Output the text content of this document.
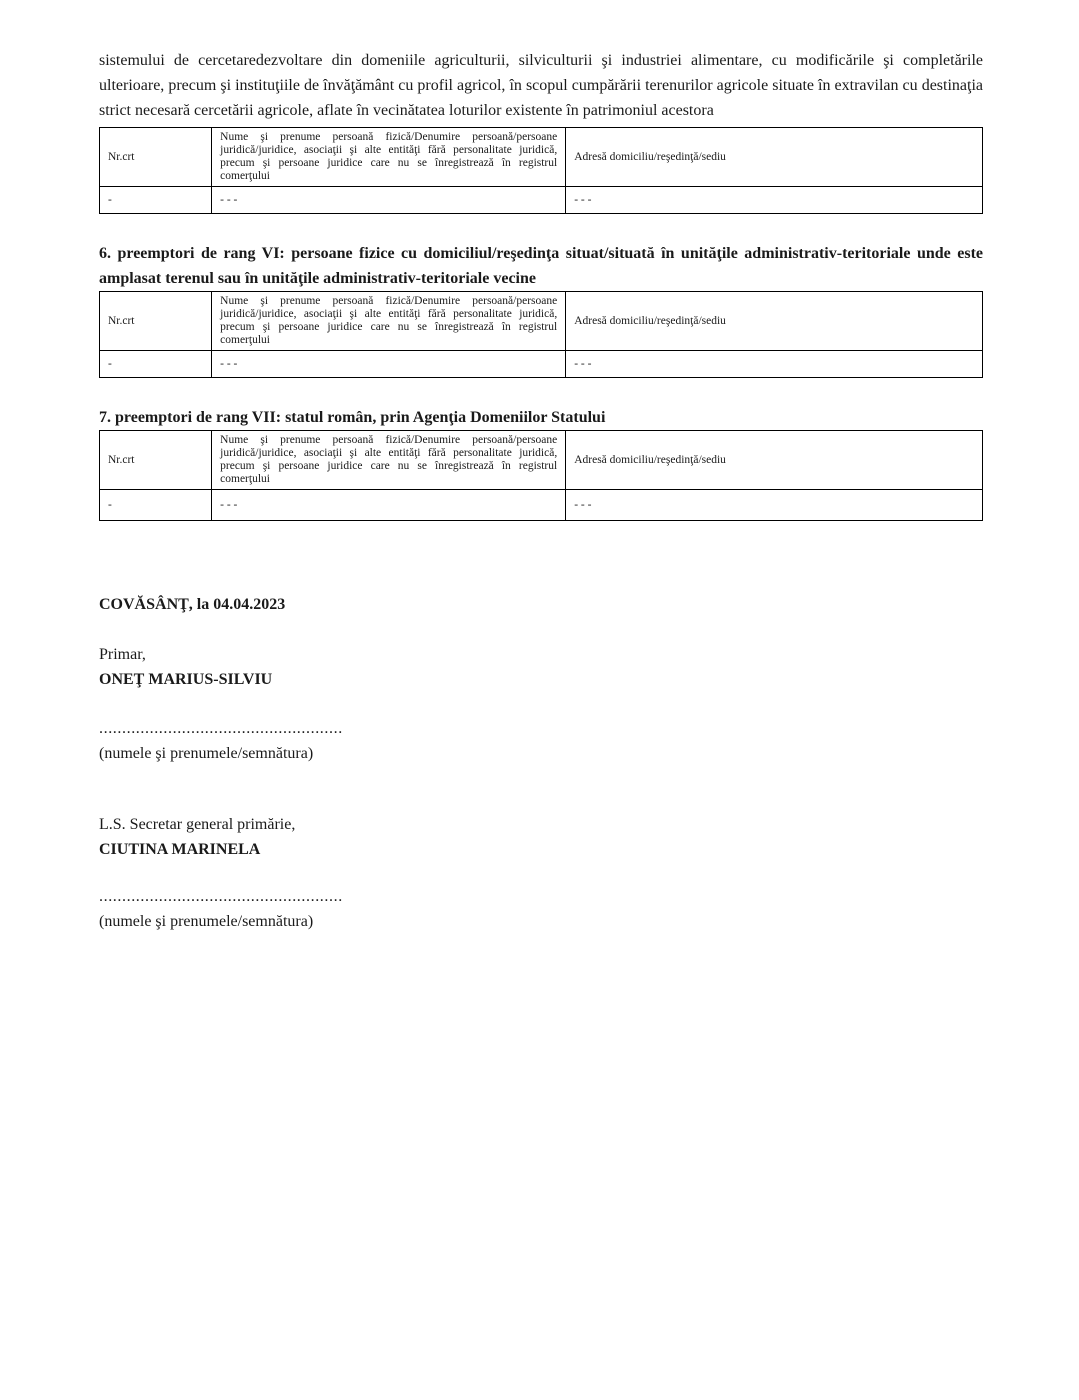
sistemului de cercetaredezvoltare din domeniile agriculturii, silviculturii şi industriei alimentare, cu modificările şi completările ulterioare, precum şi instituţiile de învăţământ cu profil agricol, în scopul cumpărării terenurilor agricole situate în extravilan cu destinaţia strict necesară cercetării agricole, aflate în vecinătatea loturilor existente în patrimoniul acestora

Nr.crt	Nume şi prenume persoană fizică/Denumire persoană/persoane juridică/juridice, asociaţii şi alte entităţi fără personalitate juridică, precum şi persoane juridice care nu se înregistrează în registrul comerţului	Adresă domiciliu/reşedinţă/sediu
-	- - -	- - -
6. preemptori de rang VI: persoane fizice cu domiciliul/reşedinţa situat/situată în unităţile administrativ-teritoriale unde este amplasat terenul sau în unităţile administrativ-teritoriale vecine
Nr.crt	Nume şi prenume persoană fizică/Denumire persoană/persoane juridică/juridice, asociaţii şi alte entităţi fără personalitate juridică, precum şi persoane juridice care nu se înregistrează în registrul comerţului	Adresă domiciliu/reşedinţă/sediu
-	- - -	- - -
7. preemptori de rang VII: statul român, prin Agenţia Domeniilor Statului
Nr.crt	Nume şi prenume persoană fizică/Denumire persoană/persoane juridică/juridice, asociaţii şi alte entităţi fără personalitate juridică, precum şi persoane juridice care nu se înregistrează în registrul comerţului	Adresă domiciliu/reşedinţă/sediu
-	- - -	- - -

COVĂSÂNŢ, la 04.04.2023

Primar,

ONEŢ MARIUS-SILVIU

.....................................................

(numele şi prenumele/semnătura)

L.S. Secretar general primărie,

CIUTINA MARINELA

.....................................................

(numele şi prenumele/semnătura)
